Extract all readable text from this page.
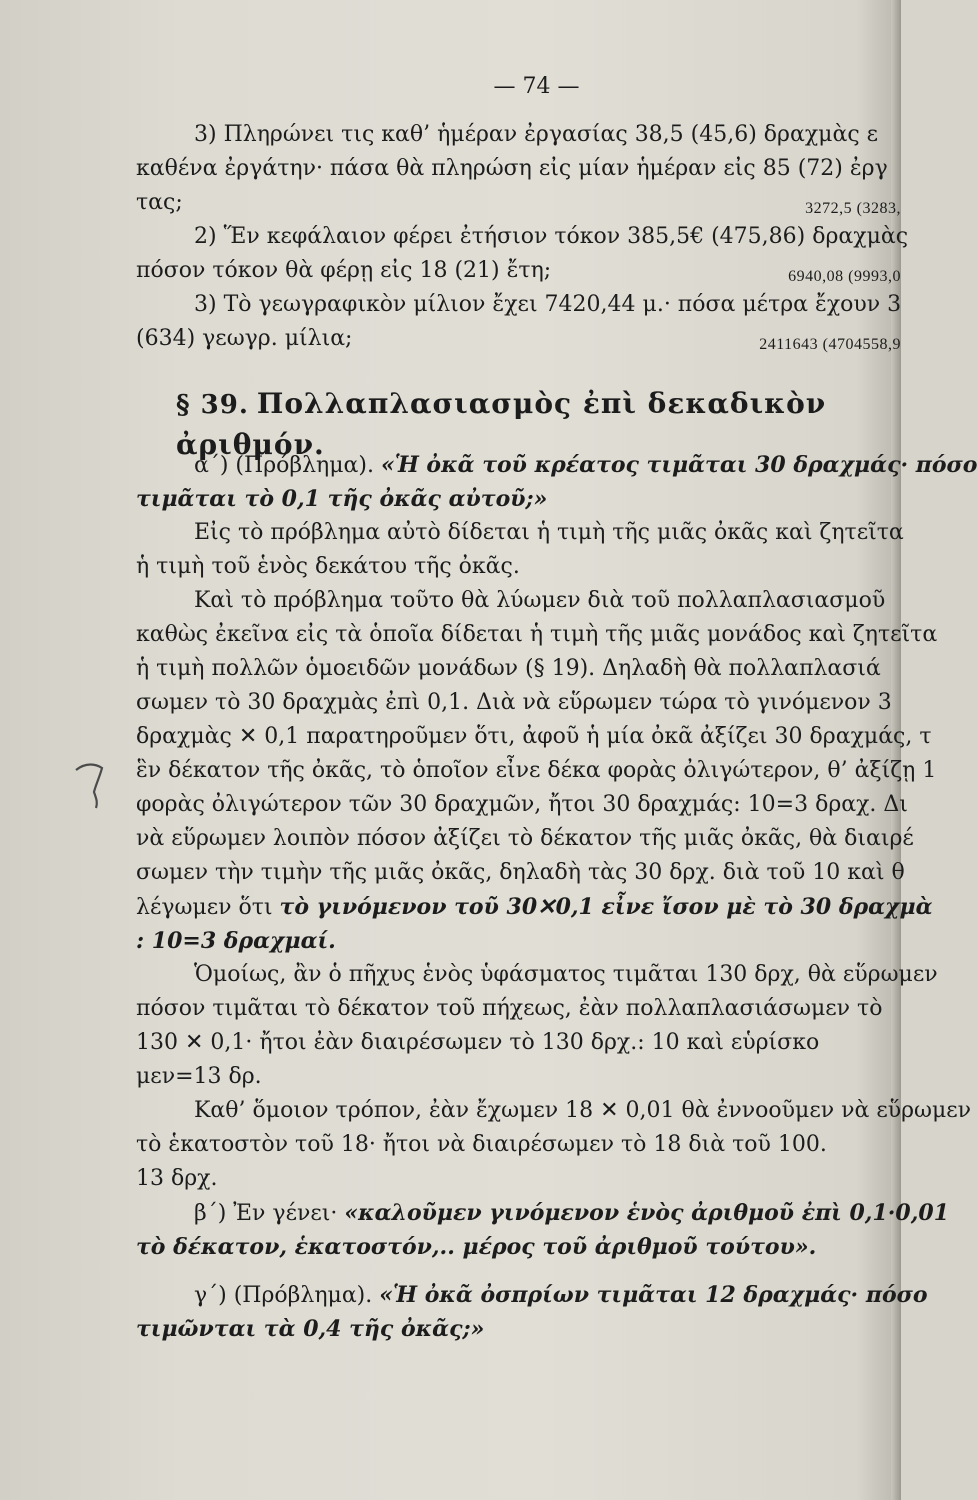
— 74 —
3) Πληρώνει τις καθ’ ἡμέραν ἐργασίας 38,5 (45,6) δραχμὰς ε
καθένα ἐργάτην· πάσα θὰ πληρώση εἰς μίαν ἡμέραν εἰς 85 (72) ἐργ
τας;	3272,5 (3283,
2) Ἕν κεφάλαιον φέρει ἐτήσιον τόκον 385,5€ (475,86) δραχμὰς
πόσον τόκον θὰ φέρῃ εἰς 18 (21) ἔτη;	6940,08 (9993,0
3) Τὸ γεωγραφικὸν μίλιον ἔχει 7420,44 μ.· πόσα μέτρα ἔχουν 3
(634) γεωγρ. μίλια;	2411643 (4704558,9
§ 39. Πολλαπλασιασμὸς ἐπὶ δεκαδικὸν ἀριθμόν.
α΄) (Πρόβλημα). «Ἡ ὀκᾶ τοῦ κρέατος τιμᾶται 30 δραχμάς· πόσο
τιμᾶται τὸ 0,1 τῆς ὀκᾶς αὐτοῦ;»
Εἰς τὸ πρόβλημα αὐτὸ δίδεται ἡ τιμὴ τῆς μιᾶς ὀκᾶς καὶ ζητεῖτα
ἡ τιμὴ τοῦ ἑνὸς δεκάτου τῆς ὀκᾶς.
Καὶ τὸ πρόβλημα τοῦτο θὰ λύωμεν διὰ τοῦ πολλαπλασιασμοῦ
καθὼς ἐκεῖνα εἰς τὰ ὁποῖα δίδεται ἡ τιμὴ τῆς μιᾶς μονάδος καὶ ζητεῖτα
ἡ τιμὴ πολλῶν ὁμοειδῶν μονάδων (§ 19). Δηλαδὴ θὰ πολλαπλασιά
σωμεν τὸ 30 δραχμὰς ἐπὶ 0,1. Διὰ νὰ εὕρωμεν τώρα τὸ γινόμενον 3
δραχμὰς ✕ 0,1 παρατηροῦμεν ὅτι, ἀφοῦ ἡ μία ὀκᾶ ἀξίζει 30 δραχμάς, τ
ἓν δέκατον τῆς ὀκᾶς, τὸ ὁποῖον εἶνε δέκα φορὰς ὀλιγώτερον, θ’ ἀξίζῃ 1
φορὰς ὀλιγώτερον τῶν 30 δραχμῶν, ἤτοι 30 δραχμάς: 10=3 δραχ. Δι
νὰ εὕρωμεν λοιπὸν πόσον ἀξίζει τὸ δέκατον τῆς μιᾶς ὀκᾶς, θὰ διαιρέ
σωμεν τὴν τιμὴν τῆς μιᾶς ὀκᾶς, δηλαδὴ τὰς 30 δρχ. διὰ τοῦ 10 καὶ θ
λέγωμεν ὅτι τὸ γινόμενον τοῦ 30✕0,1 εἶνε ἴσον μὲ τὸ 30 δραχμὰ
: 10=3 δραχμαί.
Ὁμοίως, ἂν ὁ πῆχυς ἑνὸς ὑφάσματος τιμᾶται 130 δρχ, θὰ εὕρωμεν
πόσον τιμᾶται τὸ δέκατον τοῦ πήχεως, ἐὰν πολλαπλασιάσωμεν τὸ
130 ✕ 0,1· ἤτοι ἐὰν διαιρέσωμεν τὸ 130 δρχ.: 10 καὶ εὑρίσκο
μεν=13 δρ.
Καθ’ ὅμοιον τρόπον, ἐὰν ἔχωμεν 18 ✕ 0,01 θὰ ἐννοοῦμεν νὰ εὕρωμεν
τὸ ἑκατοστὸν τοῦ 18· ἤτοι νὰ διαιρέσωμεν τὸ 18 διὰ τοῦ 100.
13 δρχ.
β΄) Ἐν γένει· «καλοῦμεν γινόμενον ἑνὸς ἀριθμοῦ ἐπὶ 0,1·0,01
τὸ δέκατον, ἑκατοστόν,.. μέρος τοῦ ἀριθμοῦ τούτου».
γ΄) (Πρόβλημα). «Ἡ ὀκᾶ ὀσπρίων τιμᾶται 12 δραχμάς· πόσο
τιμῶνται τὰ 0,4 τῆς ὀκᾶς;»
